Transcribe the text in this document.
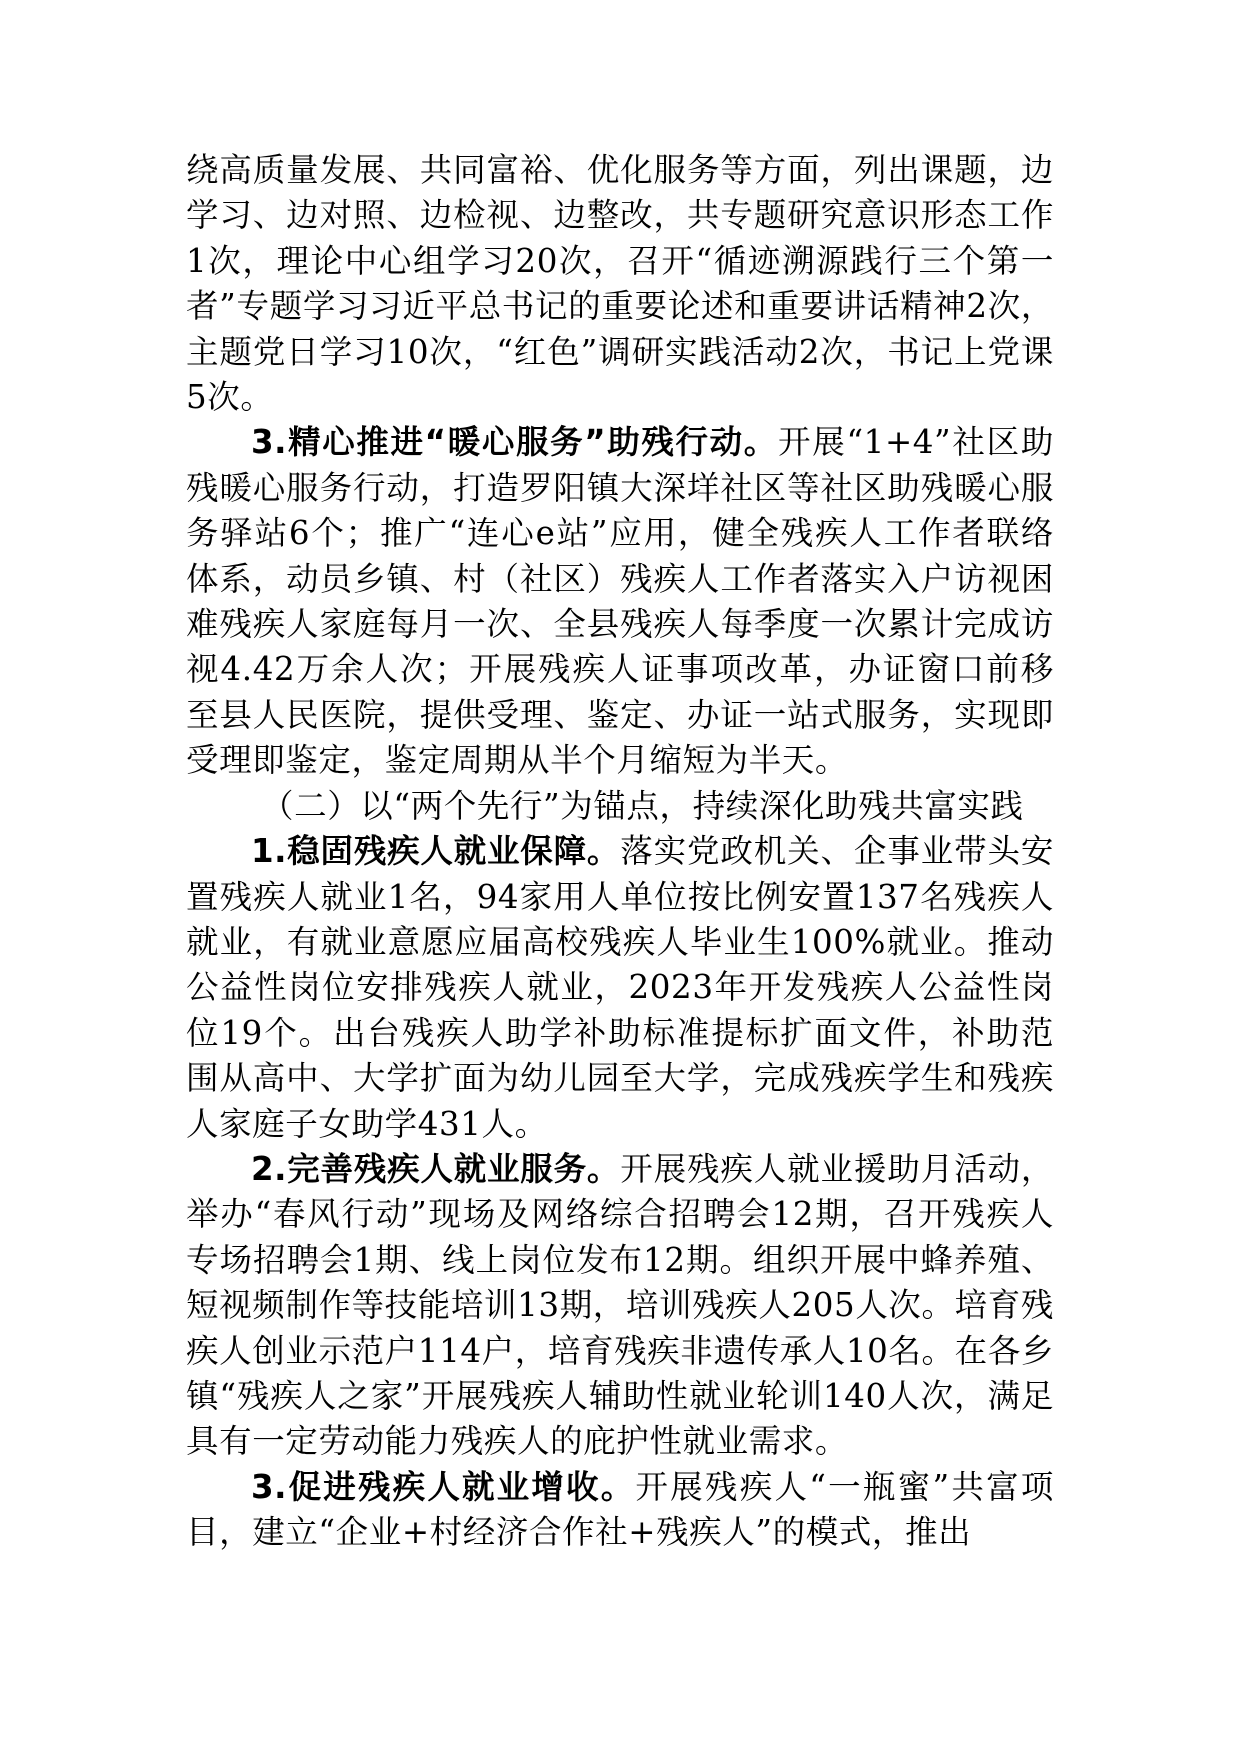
绕高质量发展、共同富裕、优化服务等方面，列出课题，边学习、边对照、边检视、边整改，共专题研究意识形态工作1次，理论中心组学习20次，召开“循迹溯源践行三个第一者”专题学习习近平总书记的重要论述和重要讲话精神2次，主题党日学习10次，“红色”调研实践活动2次，书记上党课5次。

3.精心推进“暖心服务”助残行动。开展“1+4”社区助残暖心服务行动，打造罗阳镇大深垟社区等社区助残暖心服务驿站6个；推广“连心e站”应用，健全残疾人工作者联络体系，动员乡镇、村（社区）残疾人工作者落实入户访视困难残疾人家庭每月一次、全县残疾人每季度一次累计完成访视4.42万余人次；开展残疾人证事项改革，办证窗口前移至县人民医院，提供受理、鉴定、办证一站式服务，实现即受理即鉴定，鉴定周期从半个月缩短为半天。

（二）以“两个先行”为锚点，持续深化助残共富实践

1.稳固残疾人就业保障。落实党政机关、企事业带头安置残疾人就业1名，94家用人单位按比例安置137名残疾人就业，有就业意愿应届高校残疾人毕业生100%就业。推动公益性岗位安排残疾人就业，2023年开发残疾人公益性岗位19个。出台残疾人助学补助标准提标扩面文件，补助范围从高中、大学扩面为幼儿园至大学，完成残疾学生和残疾人家庭子女助学431人。

2.完善残疾人就业服务。开展残疾人就业援助月活动，举办“春风行动”现场及网络综合招聘会12期，召开残疾人专场招聘会1期、线上岗位发布12期。组织开展中蜂养殖、短视频制作等技能培训13期，培训残疾人205人次。培育残疾人创业示范户114户，培育残疾非遗传承人10名。在各乡镇“残疾人之家”开展残疾人辅助性就业轮训140人次，满足具有一定劳动能力残疾人的庇护性就业需求。

3.促进残疾人就业增收。开展残疾人“一瓶蜜”共富项目，建立“企业+村经济合作社+残疾人”的模式，推出
